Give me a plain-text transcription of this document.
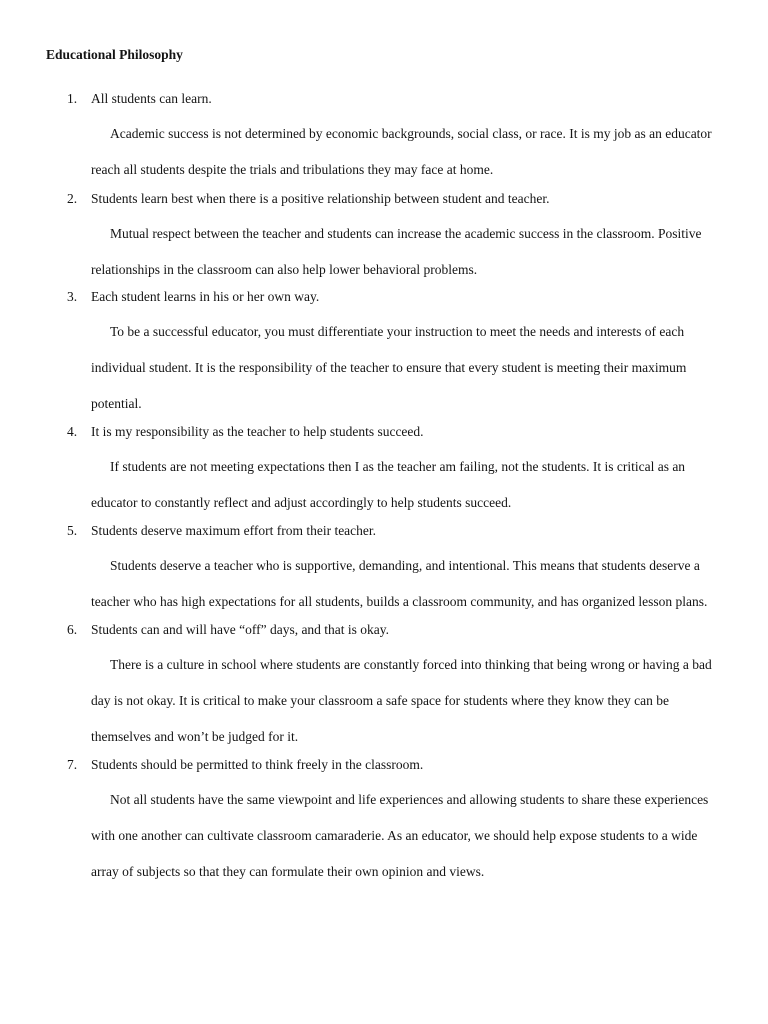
Educational Philosophy
1. All students can learn.

Academic success is not determined by economic backgrounds, social class, or race. It is my job as an educator reach all students despite the trials and tribulations they may face at home.

2. Students learn best when there is a positive relationship between student and teacher.

Mutual respect between the teacher and students can increase the academic success in the classroom. Positive relationships in the classroom can also help lower behavioral problems.

3. Each student learns in his or her own way.

To be a successful educator, you must differentiate your instruction to meet the needs and interests of each individual student. It is the responsibility of the teacher to ensure that every student is meeting their maximum potential.

4. It is my responsibility as the teacher to help students succeed.

If students are not meeting expectations then I as the teacher am failing, not the students. It is critical as an educator to constantly reflect and adjust accordingly to help students succeed.

5. Students deserve maximum effort from their teacher.

Students deserve a teacher who is supportive, demanding, and intentional. This means that students deserve a teacher who has high expectations for all students, builds a classroom community, and has organized lesson plans.

6. Students can and will have “off” days, and that is okay.

There is a culture in school where students are constantly forced into thinking that being wrong or having a bad day is not okay. It is critical to make your classroom a safe space for students where they know they can be themselves and won’t be judged for it.

7. Students should be permitted to think freely in the classroom.

Not all students have the same viewpoint and life experiences and allowing students to share these experiences with one another can cultivate classroom camaraderie. As an educator, we should help expose students to a wide array of subjects so that they can formulate their own opinion and views.
